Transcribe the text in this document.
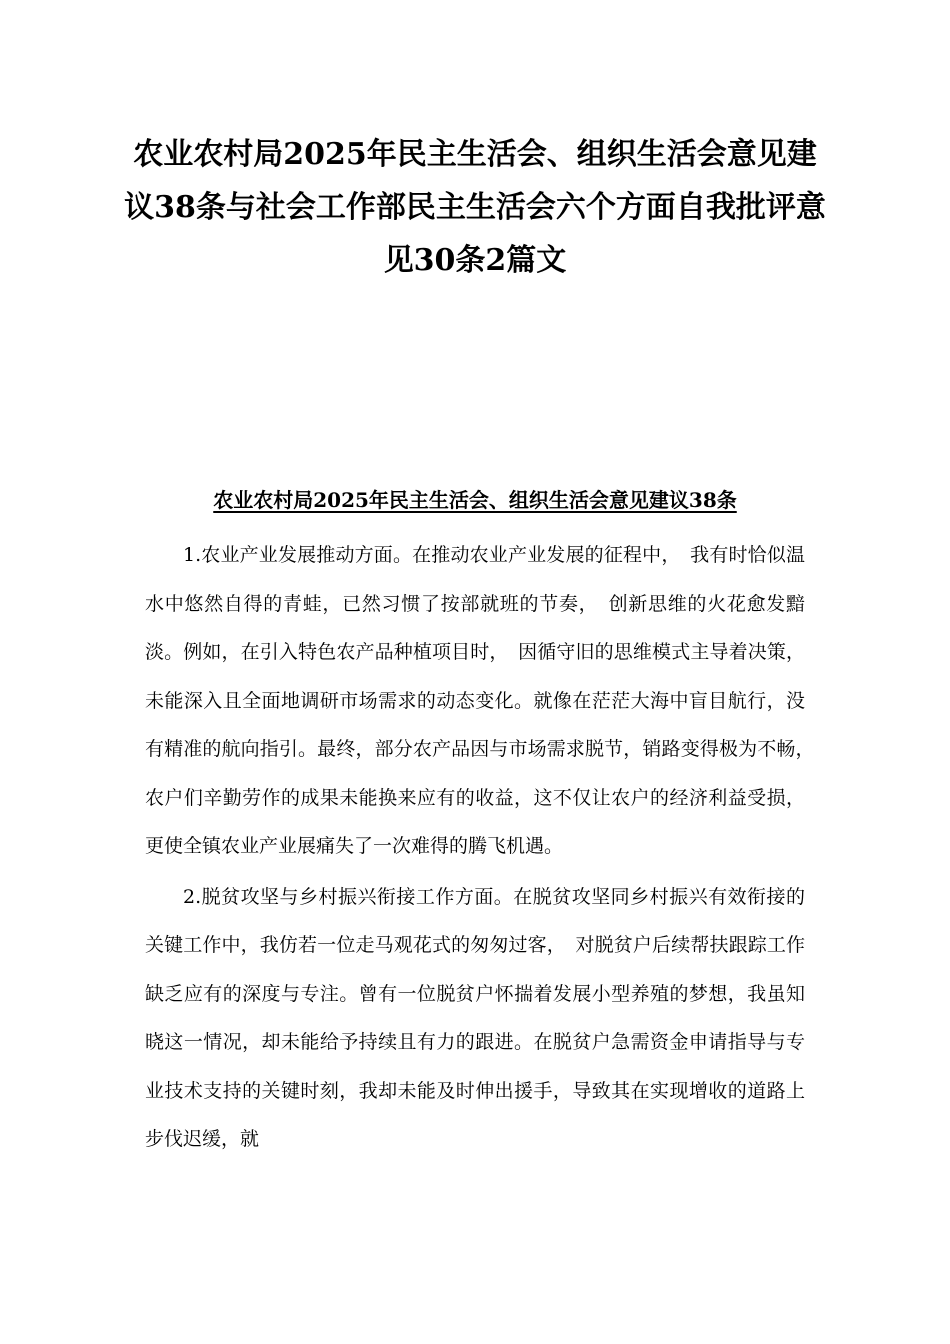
农业农村局2025年民主生活会、组织生活会意见建议38条与社会工作部民主生活会六个方面自我批评意见30条2篇文
农业农村局2025年民主生活会、组织生活会意见建议38条

1.农业产业发展推动方面。在推动农业产业发展的征程中，　我有时恰似温水中悠然自得的青蛙，已然习惯了按部就班的节奏，　创新思维的火花愈发黯淡。例如，在引入特色农产品种植项目时，　因循守旧的思维模式主导着决策，未能深入且全面地调研市场需求的动态变化。就像在茫茫大海中盲目航行，没有精准的航向指引。最终，部分农产品因与市场需求脱节，销路变得极为不畅，　农户们辛勤劳作的成果未能换来应有的收益，这不仅让农户的经济利益受损，更使全镇农业产业展痛失了一次难得的腾飞机遇。

2.脱贫攻坚与乡村振兴衔接工作方面。在脱贫攻坚同乡村振兴有效衔接的关键工作中，我仿若一位走马观花式的匆匆过客，　对脱贫户后续帮扶跟踪工作缺乏应有的深度与专注。曾有一位脱贫户怀揣着发展小型养殖的梦想，我虽知晓这一情况，却未能给予持续且有力的跟进。在脱贫户急需资金申请指导与专业技术支持的关键时刻，我却未能及时伸出援手，导致其在实现增收的道路上步伐迟缓，就
